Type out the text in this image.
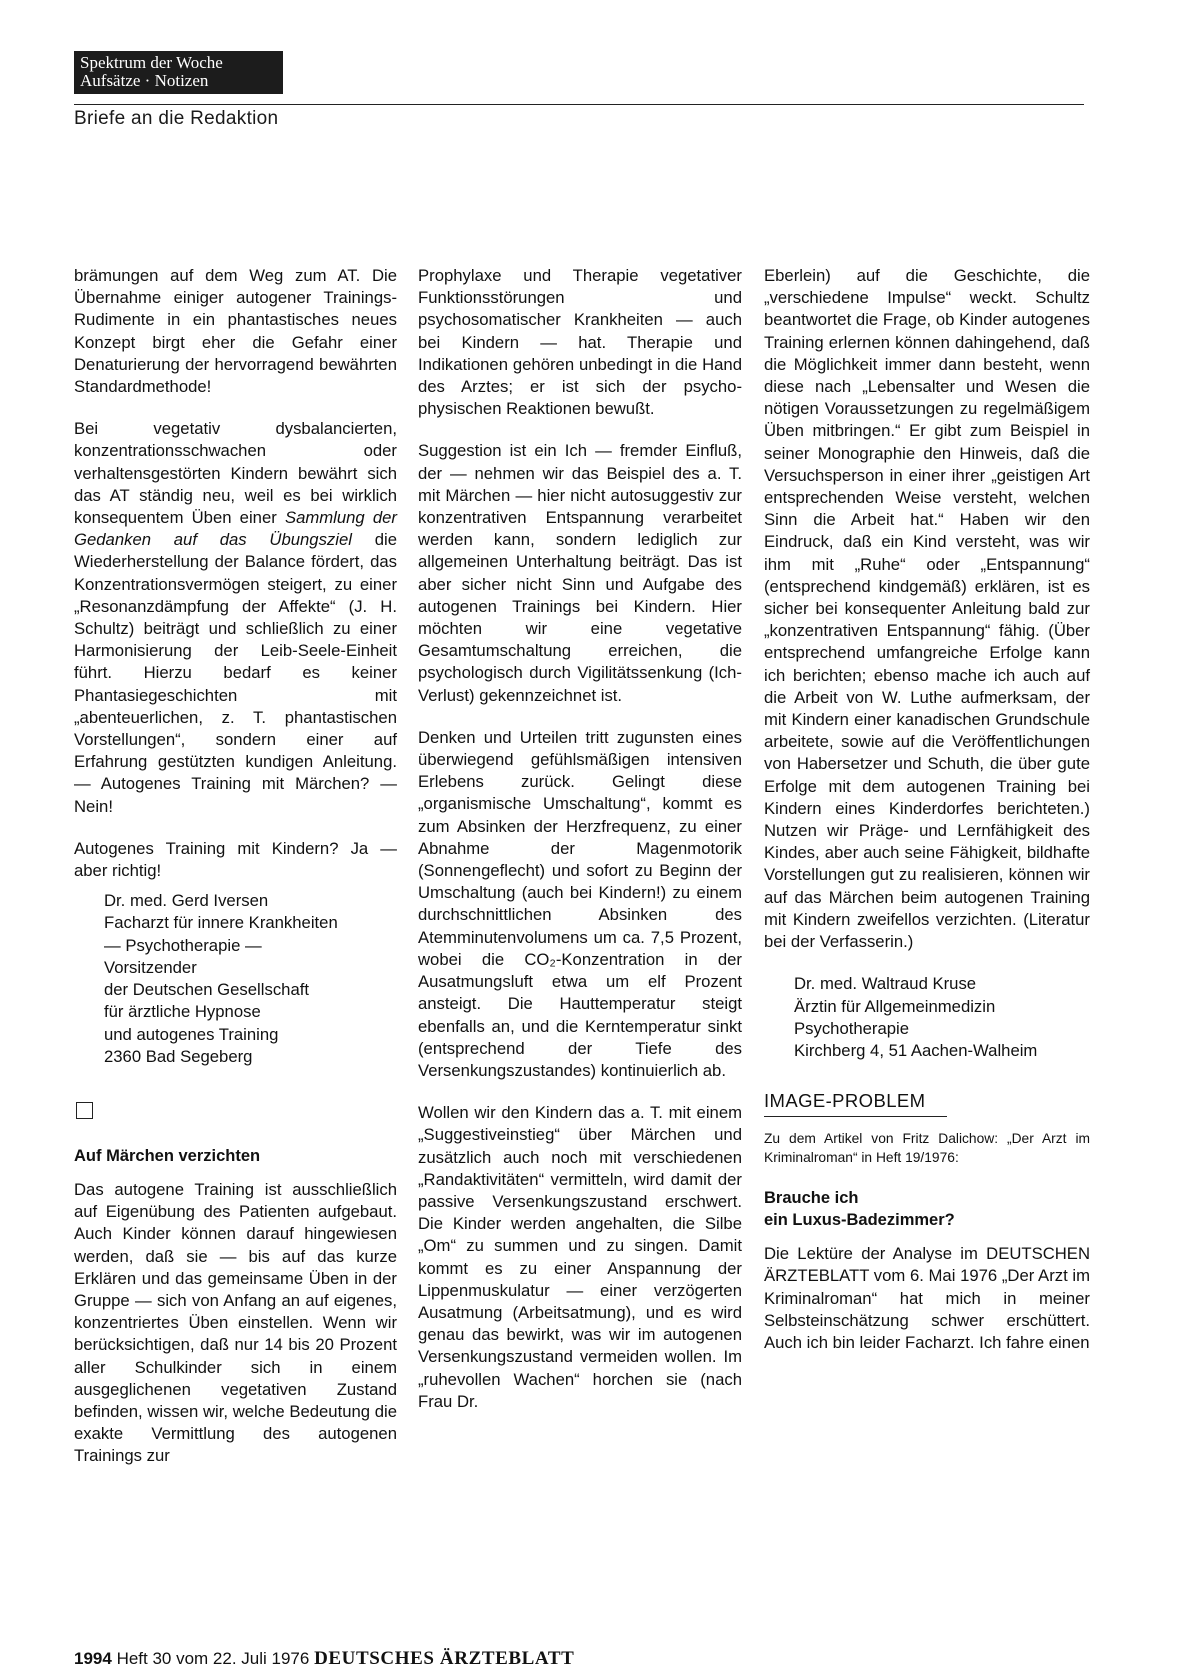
Spektrum der Woche
Aufsätze · Notizen
Briefe an die Redaktion

brämungen auf dem Weg zum AT. Die Übernahme einiger autogener Trainings-Rudimente in ein phantastisches neues Konzept birgt eher die Gefahr einer Denaturierung der hervorragend bewährten Standardmethode!

Bei vegetativ dysbalancierten, konzentrationsschwachen oder verhaltensgestörten Kindern bewährt sich das AT ständig neu, weil es bei wirklich konsequentem Üben einer Sammlung der Gedanken auf das Übungsziel die Wiederherstellung der Balance fördert, das Konzentrationsvermögen steigert, zu einer „Resonanzdämpfung der Affekte“ (J. H. Schultz) beiträgt und schließlich zu einer Harmonisierung der Leib-Seele-Einheit führt. Hierzu bedarf es keiner Phantasiegeschichten mit „abenteuerlichen, z. T. phantastischen Vorstellungen“, sondern einer auf Erfahrung gestützten kundigen Anleitung. — Autogenes Training mit Märchen? — Nein!

Autogenes Training mit Kindern? Ja — aber richtig!

Dr. med. Gerd Iversen
Facharzt für innere Krankheiten
— Psychotherapie —
Vorsitzender
der Deutschen Gesellschaft
für ärztliche Hypnose
und autogenes Training
2360 Bad Segeberg
Auf Märchen verzichten

Das autogene Training ist ausschließlich auf Eigenübung des Patienten aufgebaut. Auch Kinder können darauf hingewiesen werden, daß sie — bis auf das kurze Erklären und das gemeinsame Üben in der Gruppe — sich von Anfang an auf eigenes, konzentriertes Üben einstellen. Wenn wir berücksichtigen, daß nur 14 bis 20 Prozent aller Schulkinder sich in einem ausgeglichenen vegetativen Zustand befinden, wissen wir, welche Bedeutung die exakte Vermittlung des autogenen Trainings zur

Prophylaxe und Therapie vegetativer Funktionsstörungen und psychosomatischer Krankheiten — auch bei Kindern — hat. Therapie und Indikationen gehören unbedingt in die Hand des Arztes; er ist sich der psycho-physischen Reaktionen bewußt.

Suggestion ist ein Ich — fremder Einfluß, der — nehmen wir das Beispiel des a. T. mit Märchen — hier nicht autosuggestiv zur konzentrativen Entspannung verarbeitet werden kann, sondern lediglich zur allgemeinen Unterhaltung beiträgt. Das ist aber sicher nicht Sinn und Aufgabe des autogenen Trainings bei Kindern. Hier möchten wir eine vegetative Gesamtumschaltung erreichen, die psychologisch durch Vigilitätssenkung (Ich-Verlust) gekennzeichnet ist.

Denken und Urteilen tritt zugunsten eines überwiegend gefühlsmäßigen intensiven Erlebens zurück. Gelingt diese „organismische Umschaltung“, kommt es zum Absinken der Herzfrequenz, zu einer Abnahme der Magenmotorik (Sonnengeflecht) und sofort zu Beginn der Umschaltung (auch bei Kindern!) zu einem durchschnittlichen Absinken des Atemminutenvolumens um ca. 7,5 Prozent, wobei die CO₂-Konzentration in der Ausatmungsluft etwa um elf Prozent ansteigt. Die Hauttemperatur steigt ebenfalls an, und die Kerntemperatur sinkt (entsprechend der Tiefe des Versenkungszustandes) kontinuierlich ab.

Wollen wir den Kindern das a. T. mit einem „Suggestiveinstieg“ über Märchen und zusätzlich auch noch mit verschiedenen „Randaktivitäten“ vermitteln, wird damit der passive Versenkungszustand erschwert. Die Kinder werden angehalten, die Silbe „Om“ zu summen und zu singen. Damit kommt es zu einer Anspannung der Lippenmuskulatur — einer verzögerten Ausatmung (Arbeitsatmung), und es wird genau das bewirkt, was wir im autogenen Versenkungszustand vermeiden wollen. Im „ruhevollen Wachen“ horchen sie (nach Frau Dr.

Eberlein) auf die Geschichte, die „verschiedene Impulse“ weckt. Schultz beantwortet die Frage, ob Kinder autogenes Training erlernen können dahingehend, daß die Möglichkeit immer dann besteht, wenn diese nach „Lebensalter und Wesen die nötigen Voraussetzungen zu regelmäßigem Üben mitbringen.“ Er gibt zum Beispiel in seiner Monographie den Hinweis, daß die Versuchsperson in einer ihrer „geistigen Art entsprechenden Weise versteht, welchen Sinn die Arbeit hat.“ Haben wir den Eindruck, daß ein Kind versteht, was wir ihm mit „Ruhe“ oder „Entspannung“ (entsprechend kindgemäß) erklären, ist es sicher bei konsequenter Anleitung bald zur „konzentrativen Entspannung“ fähig. (Über entsprechend umfangreiche Erfolge kann ich berichten; ebenso mache ich auch auf die Arbeit von W. Luthe aufmerksam, der mit Kindern einer kanadischen Grundschule arbeitete, sowie auf die Veröffentlichungen von Habersetzer und Schuth, die über gute Erfolge mit dem autogenen Training bei Kindern eines Kinderdorfes berichteten.) Nutzen wir Präge- und Lernfähigkeit des Kindes, aber auch seine Fähigkeit, bildhafte Vorstellungen gut zu realisieren, können wir auf das Märchen beim autogenen Training mit Kindern zweifellos verzichten. (Literatur bei der Verfasserin.)

Dr. med. Waltraud Kruse
Ärztin für Allgemeinmedizin
Psychotherapie
Kirchberg 4, 51 Aachen-Walheim
IMAGE-PROBLEM

Zu dem Artikel von Fritz Dalichow: „Der Arzt im Kriminalroman“ in Heft 19/1976:

Brauche ich
ein Luxus-Badezimmer?

Die Lektüre der Analyse im DEUTSCHEN ÄRZTEBLATT vom 6. Mai 1976 „Der Arzt im Kriminalroman“ hat mich in meiner Selbsteinschätzung schwer erschüttert. Auch ich bin leider Facharzt. Ich fahre einen

1994 Heft 30 vom 22. Juli 1976 DEUTSCHES ÄRZTEBLATT
